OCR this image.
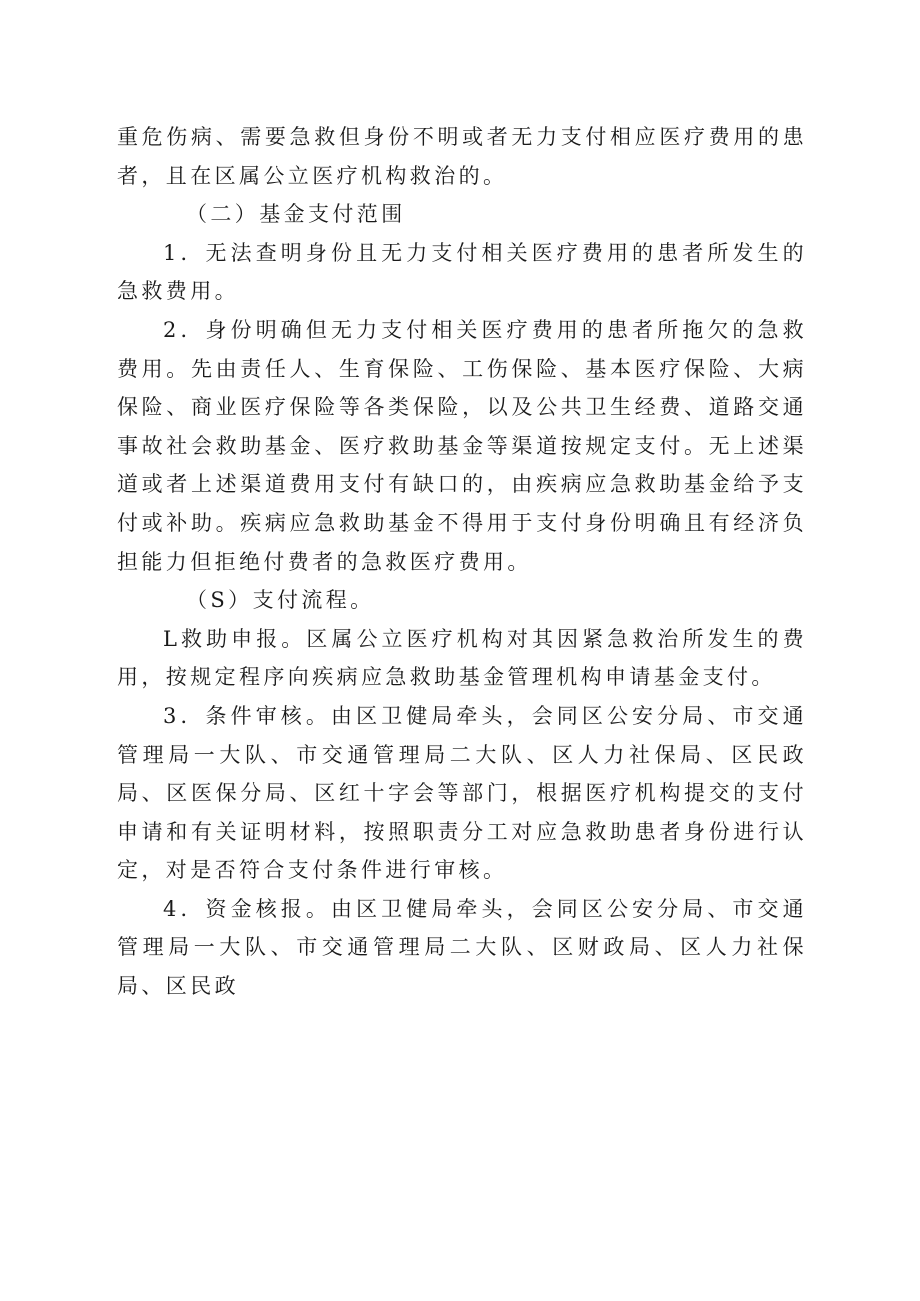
重危伤病、需要急救但身份不明或者无力支付相应医疗费用的患者，且在区属公立医疗机构救治的。

（二）基金支付范围

1．无法查明身份且无力支付相关医疗费用的患者所发生的急救费用。

2．身份明确但无力支付相关医疗费用的患者所拖欠的急救费用。先由责任人、生育保险、工伤保险、基本医疗保险、大病保险、商业医疗保险等各类保险，以及公共卫生经费、道路交通事故社会救助基金、医疗救助基金等渠道按规定支付。无上述渠道或者上述渠道费用支付有缺口的，由疾病应急救助基金给予支付或补助。疾病应急救助基金不得用于支付身份明确且有经济负担能力但拒绝付费者的急救医疗费用。

（S）支付流程。

L救助申报。区属公立医疗机构对其因紧急救治所发生的费用，按规定程序向疾病应急救助基金管理机构申请基金支付。

3．条件审核。由区卫健局牵头，会同区公安分局、市交通管理局一大队、市交通管理局二大队、区人力社保局、区民政局、区医保分局、区红十字会等部门，根据医疗机构提交的支付申请和有关证明材料，按照职责分工对应急救助患者身份进行认定，对是否符合支付条件进行审核。

4．资金核报。由区卫健局牵头，会同区公安分局、市交通管理局一大队、市交通管理局二大队、区财政局、区人力社保局、区民政
